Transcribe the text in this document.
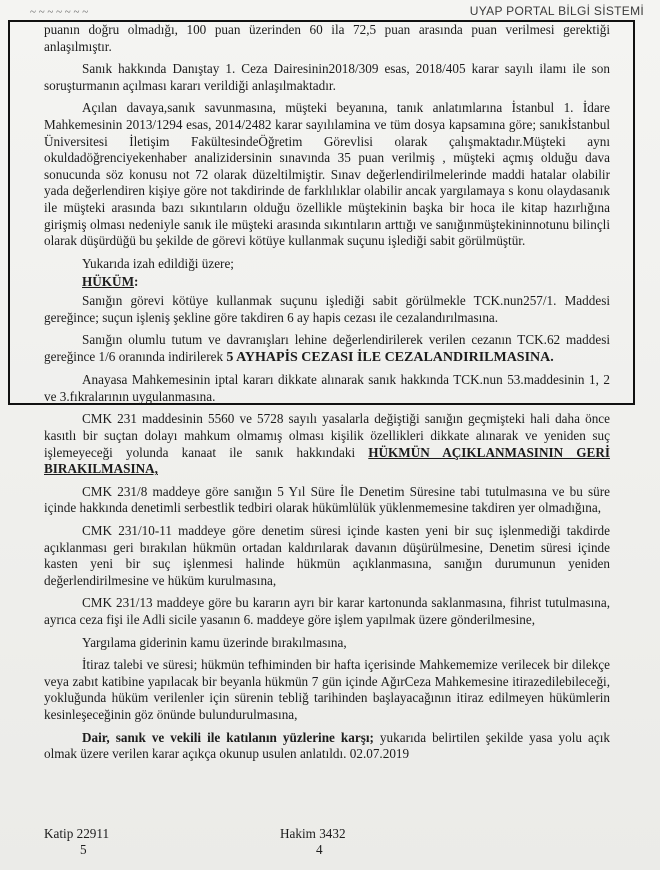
UYAP PORTAL BİLGİ SİSTEMİ
~ ~ ~ ~ ~ ~ ~

puanın doğru olmadığı, 100 puan üzerinden 60 ila 72,5 puan arasında puan verilmesi gerektiği anlaşılmıştır.

Sanık hakkında Danıştay 1. Ceza Dairesinin2018/309 esas, 2018/405 karar sayılı ilamı ile son soruşturmanın açılması kararı verildiği anlaşılmaktadır.

Açılan davaya,sanık savunmasına, müşteki beyanına, tanık anlatımlarına İstanbul 1. İdare Mahkemesinin 2013/1294 esas, 2014/2482 karar sayılılamina ve tüm dosya kapsamına göre; sanıkİstanbul Üniversitesi İletişim FakültesindeÖğretim Görevlisi olarak çalışmaktadır.Müşteki aynı okuldadöğrenciyekenhaber analizidersinin sınavında 35 puan verilmiş , müşteki açmış olduğu dava sonucunda söz konusu not 72 olarak düzeltilmiştir. Sınav değerlendirilmelerinde maddi hatalar olabilir yada değerlendiren kişiye göre not takdirinde de farklılıklar olabilir ancak yargılamaya s konu olaydasanık ile müşteki arasında bazı sıkıntıların olduğu özellikle müştekinin başka bir hoca ile kitap hazırlığına girişmiş olması nedeniyle sanık ile müşteki arasında sıkıntıların arttığı ve sanığınmüştekininnotunu bilinçli olarak düşürdüğü bu şekilde de görevi kötüye kullanmak suçunu işlediği sabit görülmüştür.

Yukarıda izah edildiği üzere;

HÜKÜM:

Sanığın görevi kötüye kullanmak suçunu işlediği sabit görülmekle TCK.nun257/1. Maddesi gereğince; suçun işleniş şekline göre takdiren 6 ay hapis cezası ile cezalandırılmasına.

Sanığın olumlu tutum ve davranışları lehine değerlendirilerek verilen cezanın TCK.62 maddesi gereğince 1/6 oranında indirilerek 5 AYHAPİS CEZASI İLE CEZALANDIRILMASINA.

Anayasa Mahkemesinin iptal kararı dikkate alınarak sanık hakkında TCK.nun 53.maddesinin 1, 2 ve 3.fıkralarının uygulanmasına.

CMK 231 maddesinin 5560 ve 5728 sayılı yasalarla değiştiği sanığın geçmişteki hali daha önce kasıtlı bir suçtan dolayı mahkum olmamış olması kişilik özellikleri dikkate alınarak ve yeniden suç işlemeyeceği yolunda kanaat ile sanık hakkındaki HÜKMÜN AÇIKLANMASININ GERİ BIRAKILMASINA,

CMK 231/8 maddeye göre sanığın 5 Yıl Süre İle Denetim Süresine tabi tutulmasına ve bu süre içinde hakkında denetimli serbestlik tedbiri olarak hükümlülük yüklenmemesine takdiren yer olmadığına,

CMK 231/10-11 maddeye göre denetim süresi içinde kasten yeni bir suç işlenmediği takdirde açıklanması geri bırakılan hükmün ortadan kaldırılarak davanın düşürülmesine, Denetim süresi içinde kasten yeni bir suç işlenmesi halinde hükmün açıklanmasına, sanığın durumunun yeniden değerlendirilmesine ve hüküm kurulmasına,

CMK 231/13 maddeye göre bu kararın ayrı bir karar kartonunda saklanmasına, fihrist tutulmasına, ayrıca ceza fişi ile Adli sicile yasanın 6. maddeye göre işlem yapılmak üzere gönderilmesine,

Yargılama giderinin kamu üzerinde bırakılmasına,

İtiraz talebi ve süresi; hükmün tefhiminden bir hafta içerisinde Mahkememize verilecek bir dilekçe veya zabıt katibine yapılacak bir beyanla hükmün 7 gün içinde AğırCeza Mahkemesine itirazedilebileceği, yokluğunda hüküm verilenler için sürenin tebliğ tarihinden başlayacağının itiraz edilmeyen hükümlerin kesinleşeceğinin göz önünde bulundurulmasına,

Dair, sanık ve vekili ile katılanın yüzlerine karşı; yukarıda belirtilen şekilde yasa yolu açık olmak üzere verilen karar açıkça okunup usulen anlatıldı. 02.07.2019

Katip 22911
5
Hakim 3432
4
